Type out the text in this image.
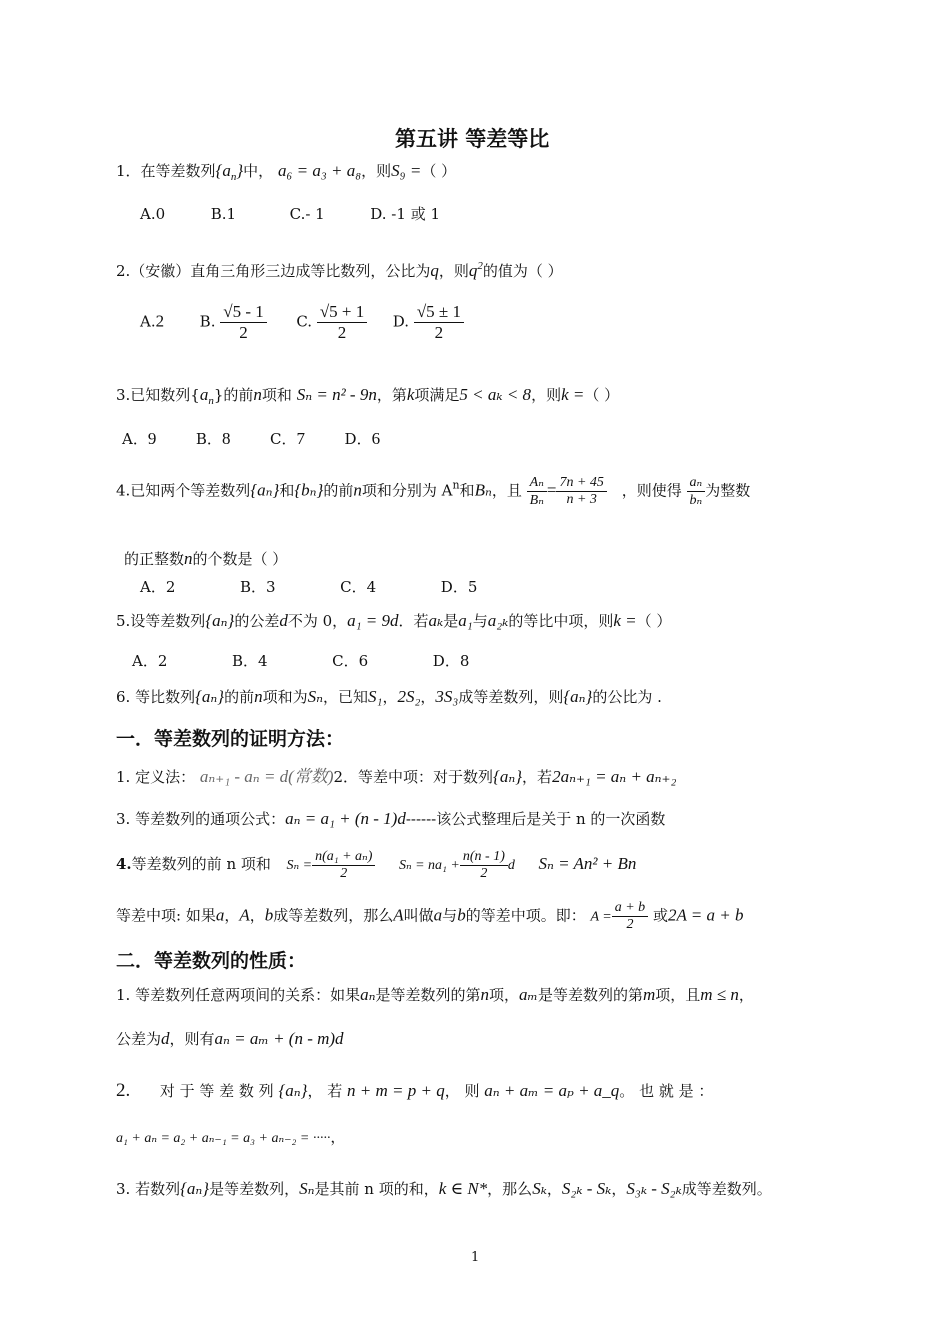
第五讲 等差等比
1．在等差数列$\{a_n\}$中， a₆ = a₃ + a₈，则S₉ =（ ）
A.0	B.1	C.- 1	D. -1 或 1
2.（安徽）直角三角形三边成等比数列，公比为q，则$q^2$的值为（ ）
A.2 B. $\frac{√5 - 1}{2} C$. $\frac{√5 + 1}{2} D$. $\frac{√5 \pm 1}{2}$
3.已知数列$\{a_n\}$的前n项和 Sₙ = n² - 9n，第k项满足5 < aₖ < 8，则k =（ ）
A．9	B．8	C．7	D．6
4.已知两个等差数列{aₙ}和{bₙ}的前n项和分别为 $A^n$和Bₙ，且 $\frac{\text{Aₙ}}{\text{Bₙ}} = \frac{7n + 45}{n + 3}$ ，则使得 $\frac{\text{aₙ}}{\text{bₙ}}$ 为整数
的正整数n的个数是（ ）
A．2      B．3      C．4      D．5
5.设等差数列{aₙ}的公差d不为 0，a₁ = 9d．若aₖ是a₁与a₂ₖ的等比中项，则k =（ ）
A．2      B．4      C．6      D．8
6. 等比数列{aₙ}的前n项和为Sₙ，已知S₁，2S₂，3S₃成等差数列，则{aₙ}的公比为 .
一．等差数列的证明方法：
1. 定义法： aₙ₊₁ - aₙ = d(常数)2．等差中项：对于数列{aₙ}，若2aₙ₊₁ = aₙ + aₙ₊₂
3. 等差数列的通项公式：aₙ = a₁ + (n - 1)d------该公式整理后是关于 n 的一次函数
4.等差数列的前 n 项和 $S_n = \frac{\text{n(a₁ + aₙ)}}{2}$ $S_n = na_1 + \frac{n(n - 1)}{2}$ d Sₙ = An² + Bn
等差中项: 如果a，A，b成等差数列，那么A叫做a与b的等差中项。即： $A = \frac{a + b}{2}$ 或2A = a + b
二．等差数列的性质：
1. 等差数列任意两项间的关系：如果aₙ是等差数列的第n项，aₘ是等差数列的第m项，且m ≤ n，
公差为d，则有aₙ = aₘ + (n - m)d
2. 对 于 等 差 数 列 {aₙ}， 若 n + m = p + q， 则 aₙ + aₘ = aₚ + a_q。 也 就 是 ：
a₁ + aₙ = a₂ + aₙ₋₁ = a₃ + aₙ₋₂ = ·····，
3. 若数列{aₙ}是等差数列，Sₙ是其前 n 项的和，k ∈ N*，那么Sₖ，S₂ₖ - Sₖ，S₃ₖ - S₂ₖ成等差数列。
1
